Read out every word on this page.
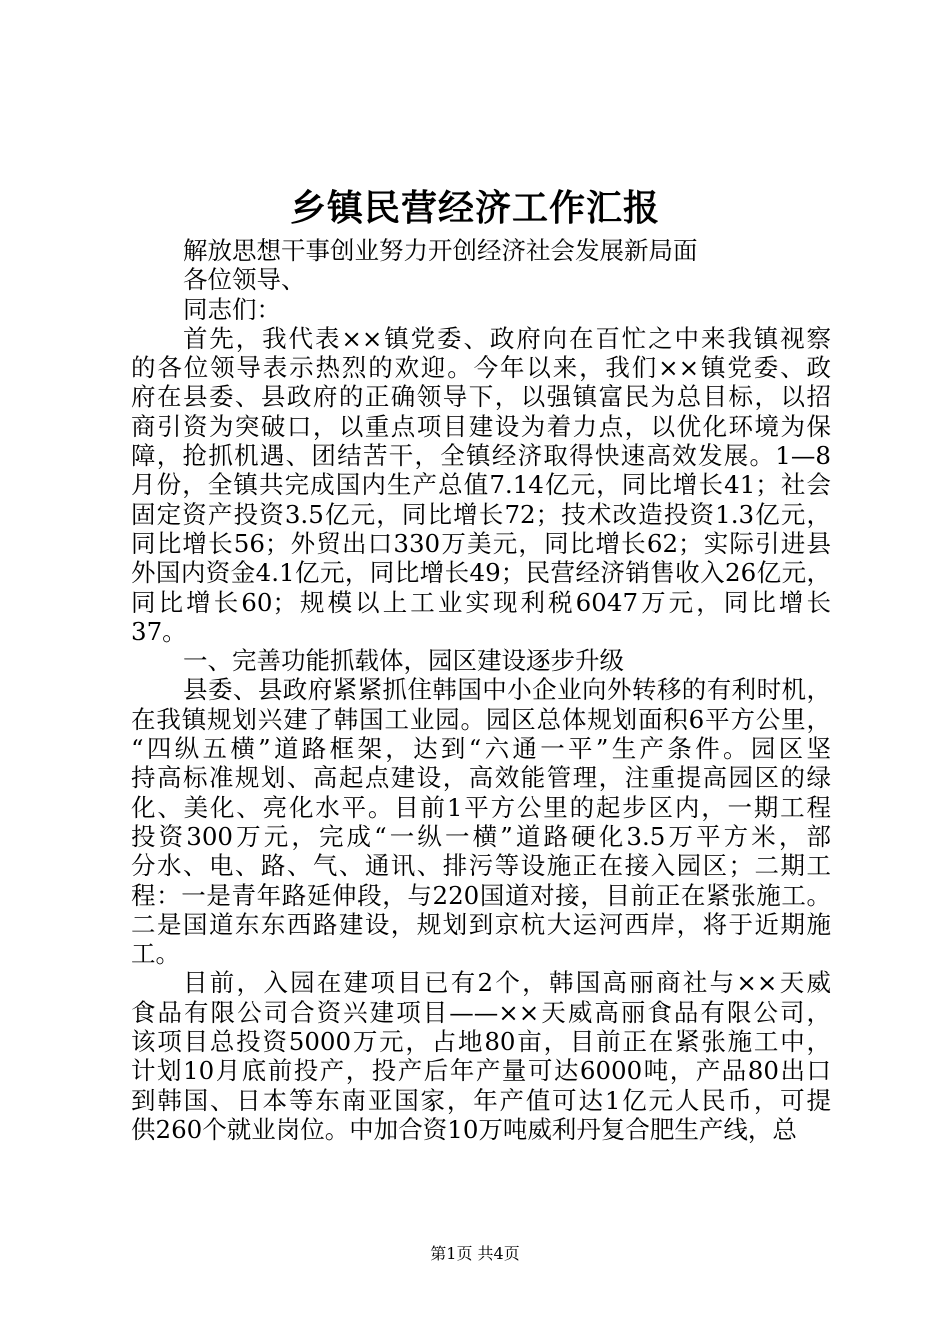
乡镇民营经济工作汇报
解放思想干事创业努力开创经济社会发展新局面
各位领导、
同志们：
首先，我代表××镇党委、政府向在百忙之中来我镇视察
的各位领导表示热烈的欢迎。今年以来，我们××镇党委、政
府在县委、县政府的正确领导下，以强镇富民为总目标，以招
商引资为突破口，以重点项目建设为着力点，以优化环境为保
障，抢抓机遇、团结苦干，全镇经济取得快速高效发展。1—8
月份，全镇共完成国内生产总值7.14亿元，同比增长41；社会
固定资产投资3.5亿元，同比增长72；技术改造投资1.3亿元，
同比增长56；外贸出口330万美元，同比增长62；实际引进县
外国内资金4.1亿元，同比增长49；民营经济销售收入26亿元，
同比增长60；规模以上工业实现利税6047万元，同比增长
37。
一、完善功能抓载体，园区建设逐步升级
县委、县政府紧紧抓住韩国中小企业向外转移的有利时机，
在我镇规划兴建了韩国工业园。园区总体规划面积6平方公里，
“四纵五横”道路框架，达到“六通一平”生产条件。园区坚
持高标准规划、高起点建设，高效能管理，注重提高园区的绿
化、美化、亮化水平。目前1平方公里的起步区内，一期工程
投资300万元，完成“一纵一横”道路硬化3.5万平方米，部
分水、电、路、气、通讯、排污等设施正在接入园区；二期工
程：一是青年路延伸段，与220国道对接，目前正在紧张施工。
二是国道东东西路建设，规划到京杭大运河西岸，将于近期施
工。
目前，入园在建项目已有2个，韩国高丽商社与××天威
食品有限公司合资兴建项目——××天威高丽食品有限公司，
该项目总投资5000万元，占地80亩，目前正在紧张施工中，
计划10月底前投产，投产后年产量可达6000吨，产品80出口
到韩国、日本等东南亚国家，年产值可达1亿元人民币，可提
供260个就业岗位。中加合资10万吨威利丹复合肥生产线，总
第1页 共4页
